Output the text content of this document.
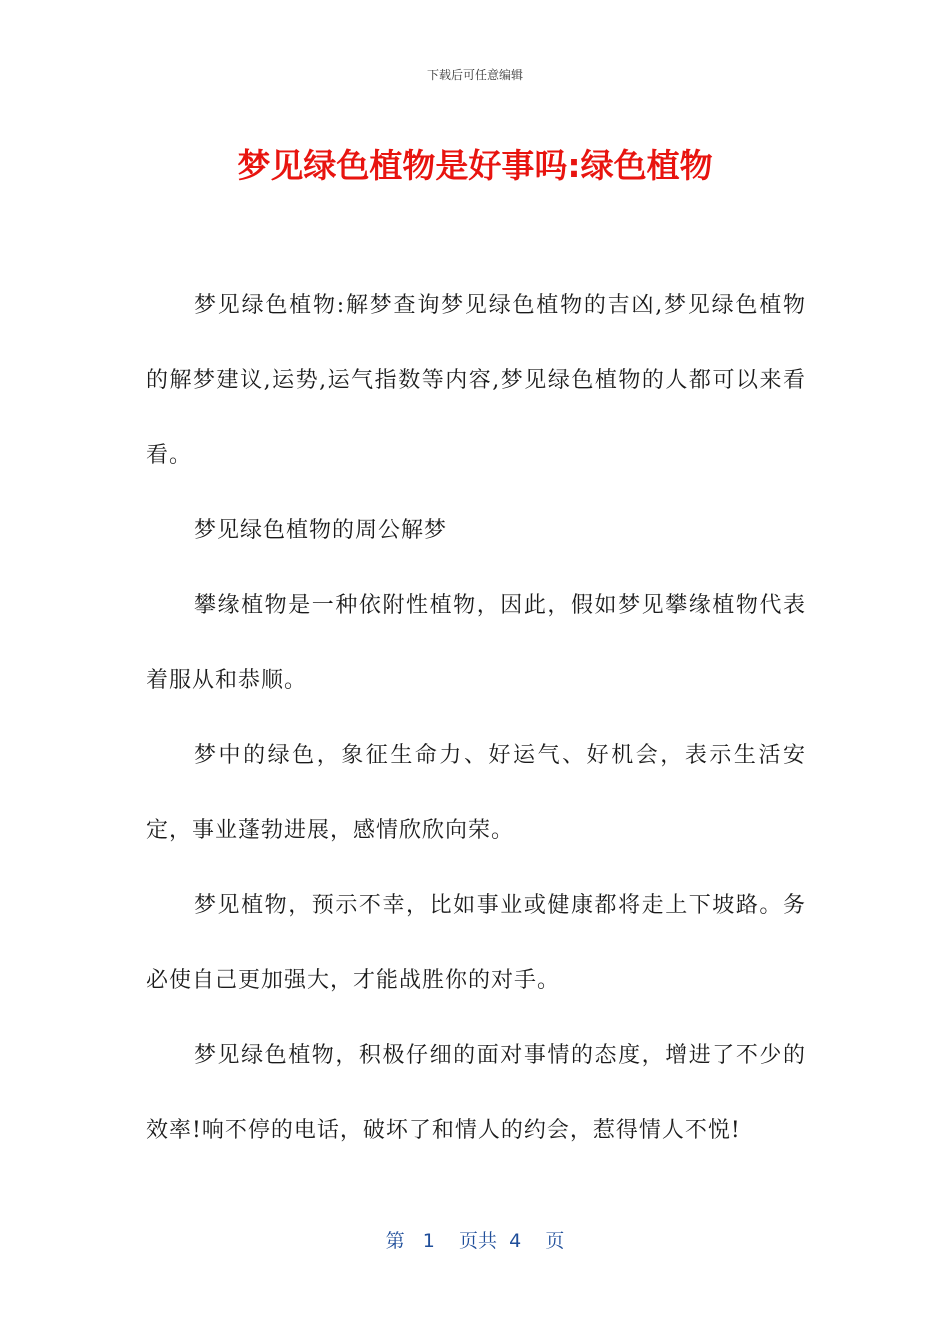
下载后可任意编辑
梦见绿色植物是好事吗:绿色植物

梦见绿色植物:解梦查询梦见绿色植物的吉凶,梦见绿色植物的解梦建议,运势,运气指数等内容,梦见绿色植物的人都可以来看看。

梦见绿色植物的周公解梦

攀缘植物是一种依附性植物，因此，假如梦见攀缘植物代表着服从和恭顺。

梦中的绿色，象征生命力、好运气、好机会，表示生活安定，事业蓬勃进展，感情欣欣向荣。

梦见植物，预示不幸，比如事业或健康都将走上下坡路。务必使自己更加强大，才能战胜你的对手。

梦见绿色植物，积极仔细的面对事情的态度，增进了不少的效率!响不停的电话，破坏了和情人的约会，惹得情人不悦!

第 1 页共 4 页
